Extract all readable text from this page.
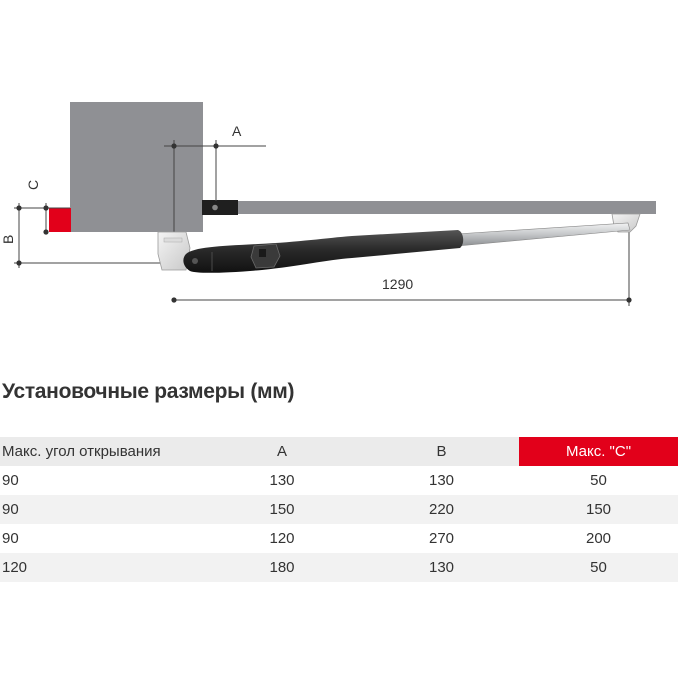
A
C
B
1290
Установочные размеры (мм)
Макс. угол открывания	A	B	Макс. "C"
90	130	130	50
90	150	220	150
90	120	270	200
120	180	130	50
